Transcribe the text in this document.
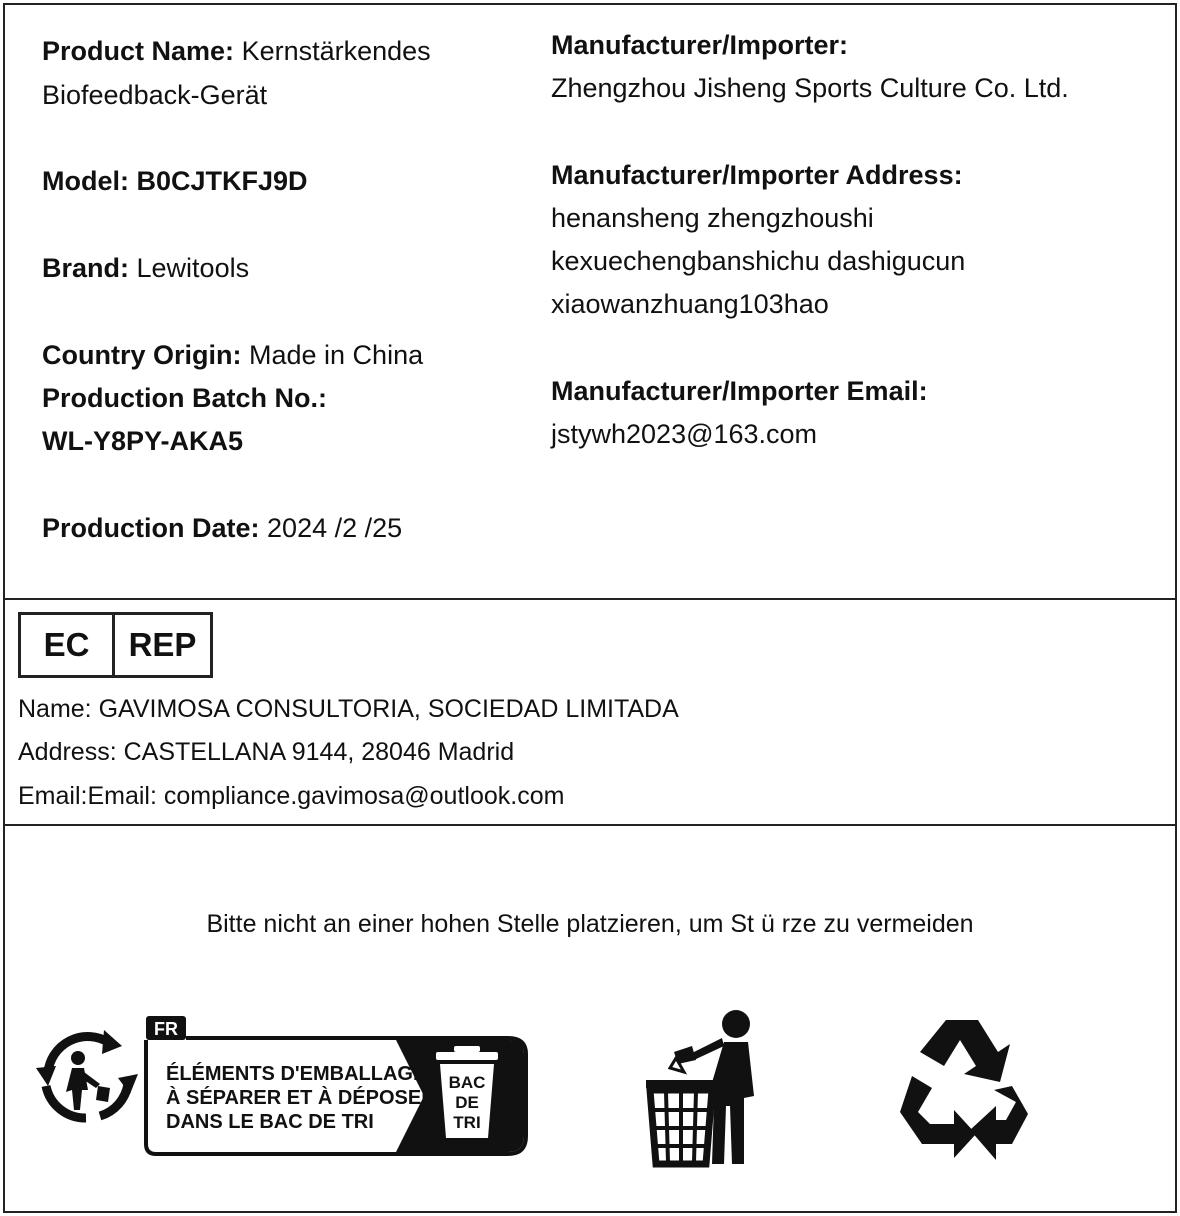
Product Name: Kernstärkendes
Biofeedback-Gerät
Model: B0CJTKFJ9D
Brand: Lewitools
Country Origin: Made in China
Production Batch No.:
WL-Y8PY-AKA5
Production Date: 2024 /2 /25
Manufacturer/Importer:
Zhengzhou Jisheng Sports Culture Co. Ltd.
Manufacturer/Importer Address:
henansheng zhengzhoushi
kexuechengbanshichu dashigucun
xiaowanzhuang103hao
Manufacturer/Importer Email:
jstywh2023@163.com
EC	REP
Name: GAVIMOSA CONSULTORIA, SOCIEDAD LIMITADA
Address: CASTELLANA 9144, 28046 Madrid
Email:Email: compliance.gavimosa@outlook.com
Bitte nicht an einer hohen Stelle platzieren, um St ü rze zu vermeiden
FR
ÉLÉMENTS D'EMBALLAGE
À SÉPARER ET À DÉPOSER
DANS LE BAC DE TRI
BAC
DE
TRI
